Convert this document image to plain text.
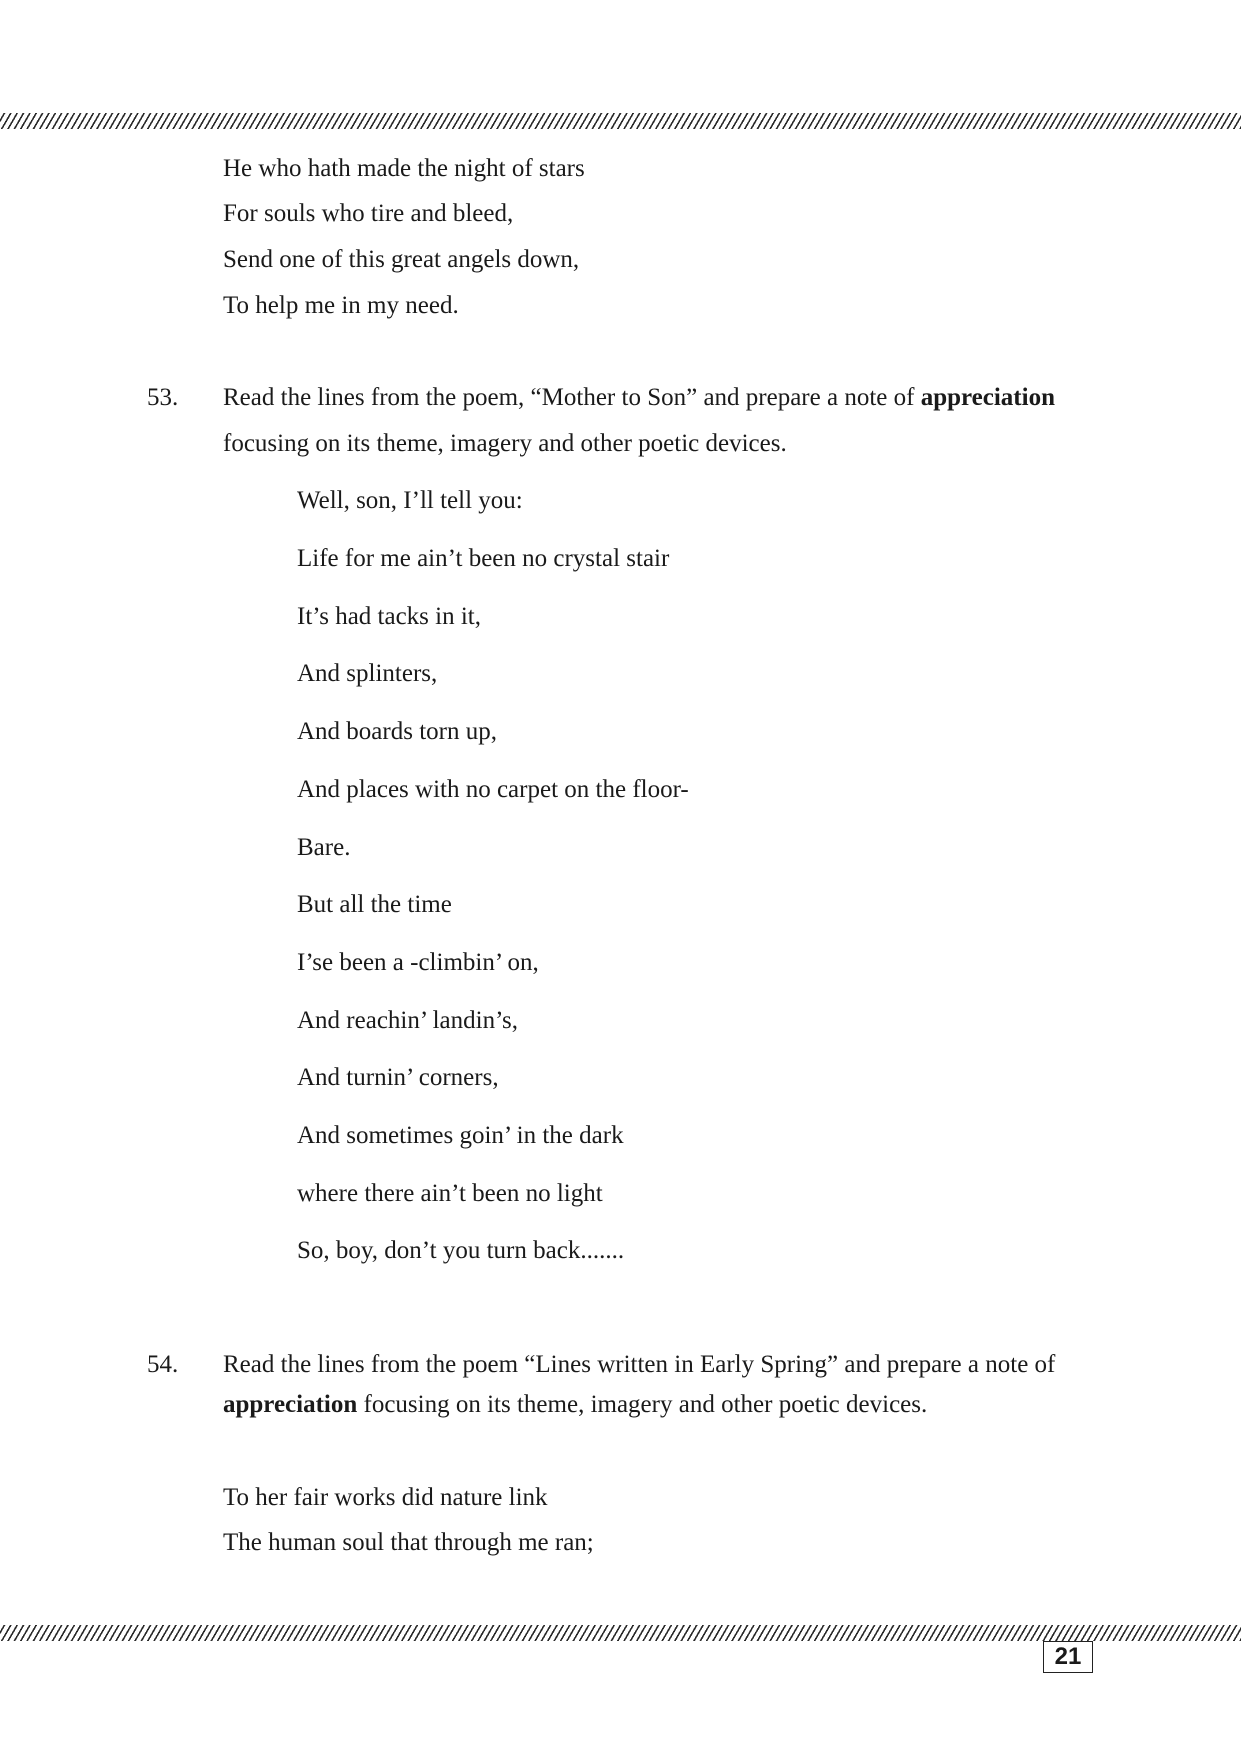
He who hath made the night of stars
For souls who tire and bleed,
Send one of this great angels down,
To help me in my need.
53. Read the lines from the poem, “Mother to Son” and prepare a note of appreciation
focusing on its theme, imagery and other poetic devices.
Well, son, I’ll tell you:
Life for me ain’t been no crystal stair
It’s had tacks in it,
And splinters,
And boards torn up,
And places with no carpet on the floor-
Bare.
But all the time
I’se been a -climbin’ on,
And reachin’ landin’s,
And turnin’ corners,
And sometimes goin’ in the dark
where there ain’t been no light
So, boy, don’t you turn back.......
54. Read the lines from the poem “Lines written in Early Spring” and prepare a note of
appreciation focusing on its theme, imagery and other poetic devices.
To her fair works did nature link
The human soul that through me ran;
21
